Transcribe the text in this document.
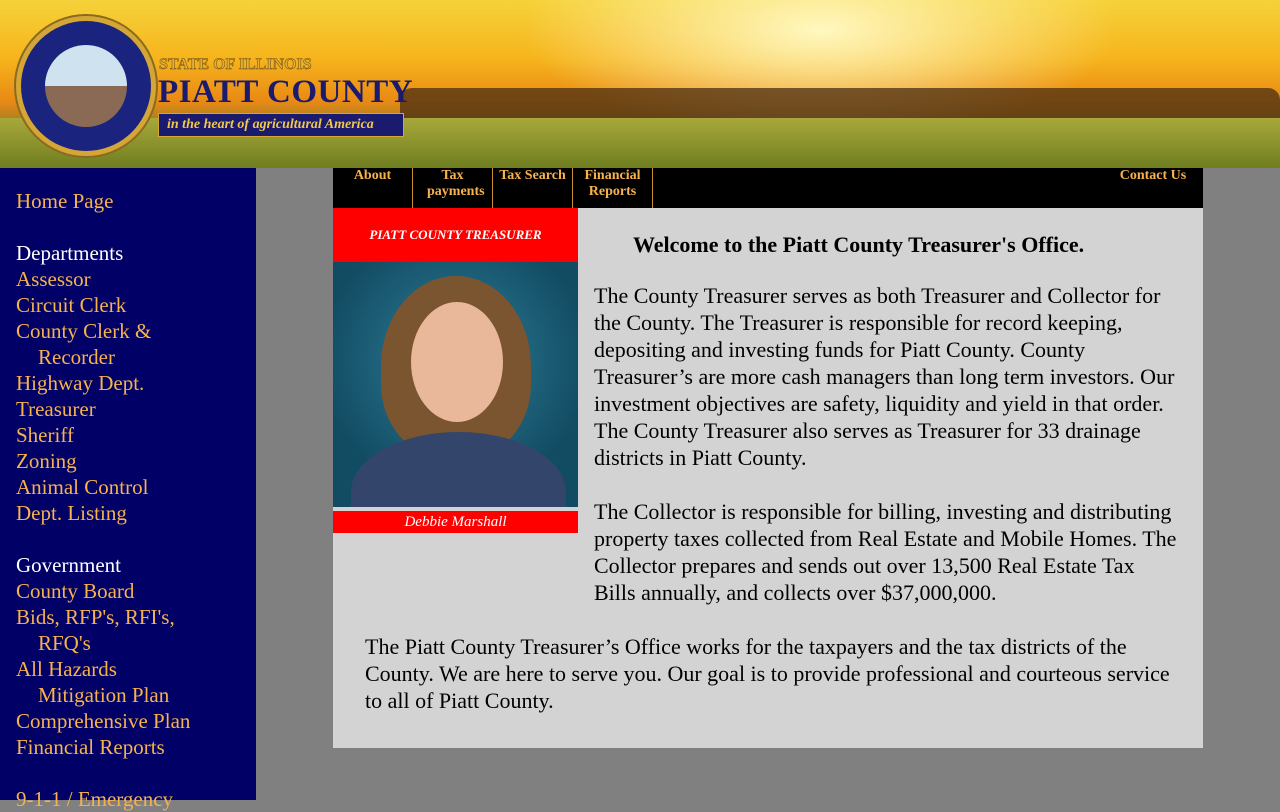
STATE OF ILLINOIS
PIATT COUNTY
in the heart of agricultural America
Home Page
Departments
Assessor
Circuit Clerk
County Clerk &
Recorder
Highway Dept.
Treasurer
Sheriff
Zoning
Animal Control
Dept. Listing
Government
County Board
Bids, RFP's, RFI's,
RFQ's
All Hazards
Mitigation Plan
Comprehensive Plan
Financial Reports
9-1-1 / Emergency
About	Tax payments
Tax Search	Financial Reports
Contact Us
PIATT COUNTY TREASURER
Debbie Marshall
Welcome to the Piatt County Treasurer's Office.

The County Treasurer serves as both Treasurer and Collector for the County. The Treasurer is responsible for record keeping, depositing and investing funds for Piatt County. County Treasurer’s are more cash managers than long term investors. Our investment objectives are safety, liquidity and yield in that order. The County Treasurer also serves as Treasurer for 33 drainage districts in Piatt County.

The Collector is responsible for billing, investing and distributing property taxes collected from Real Estate and Mobile Homes. The Collector prepares and sends out over 13,500 Real Estate Tax Bills annually, and collects over $37,000,000.

The Piatt County Treasurer’s Office works for the taxpayers and the tax districts of the County. We are here to serve you. Our goal is to provide professional and courteous service to all of Piatt County.
